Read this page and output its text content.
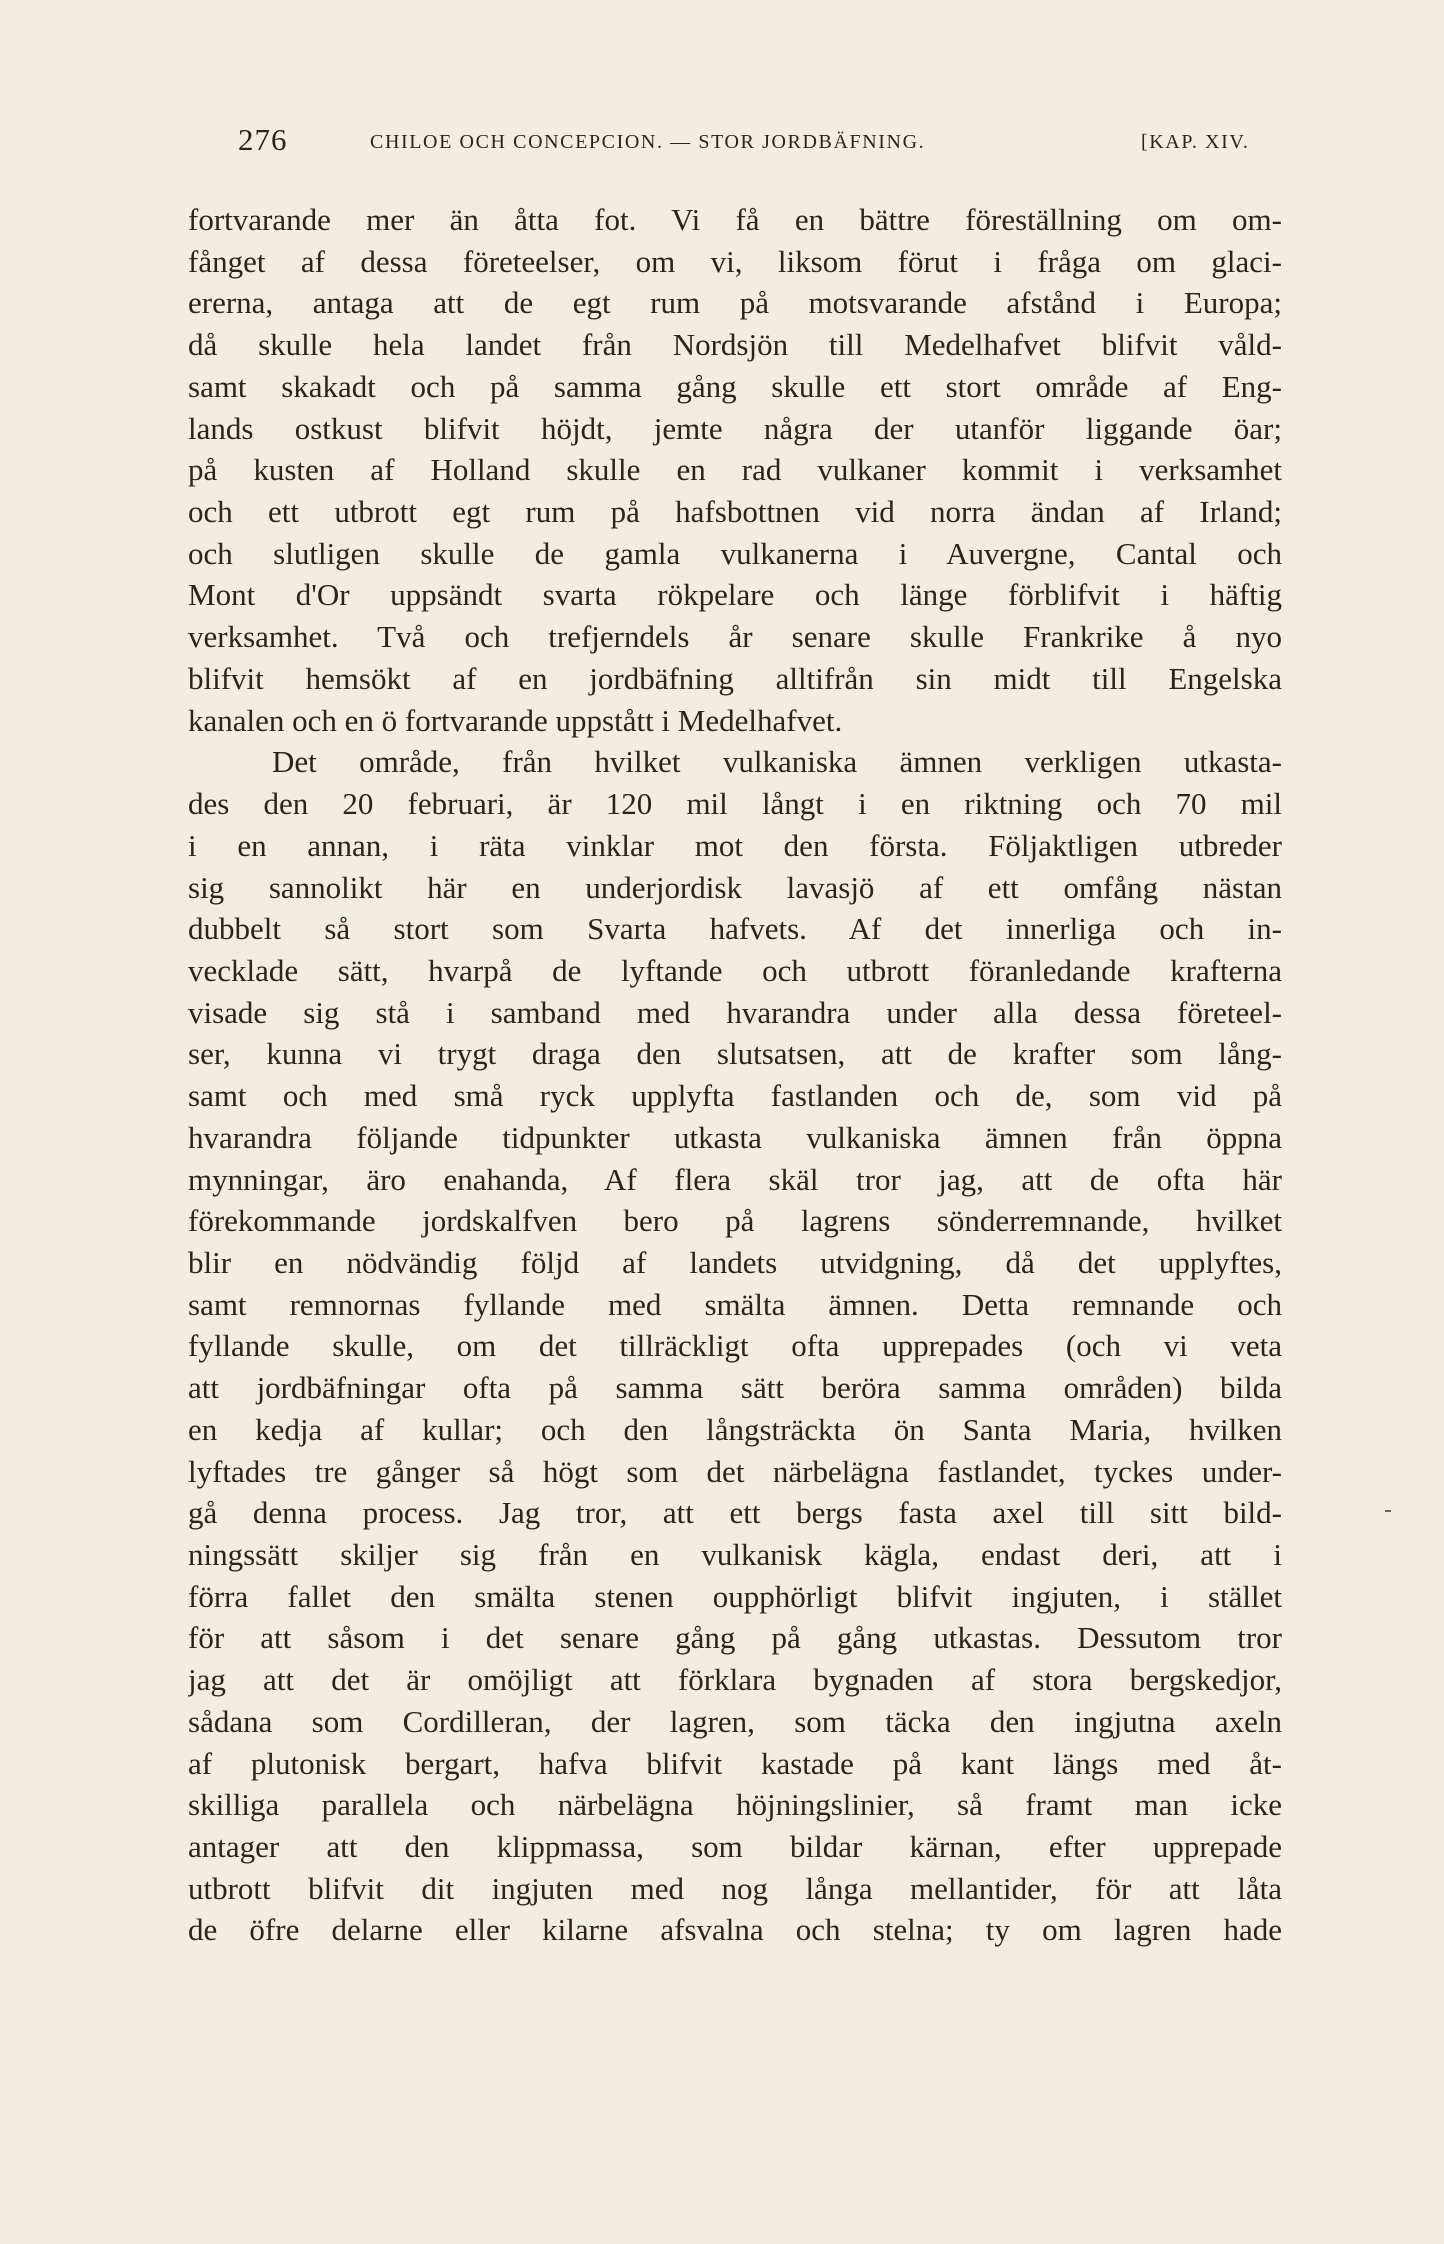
276	CHILOE OCH CONCEPCION. — STOR JORDBÄFNING.	[KAP. XIV.
fortvarande mer än åtta fot. Vi få en bättre föreställning om om-
fånget af dessa företeelser, om vi, liksom förut i fråga om glaci-
ererna, antaga att de egt rum på motsvarande afstånd i Europa;
då skulle hela landet från Nordsjön till Medelhafvet blifvit våld-
samt skakadt och på samma gång skulle ett stort område af Eng-
lands ostkust blifvit höjdt, jemte några der utanför liggande öar;
på kusten af Holland skulle en rad vulkaner kommit i verksamhet
och ett utbrott egt rum på hafsbottnen vid norra ändan af Irland;
och slutligen skulle de gamla vulkanerna i Auvergne, Cantal och
Mont d'Or uppsändt svarta rökpelare och länge förblifvit i häftig
verksamhet. Två och trefjerndels år senare skulle Frankrike å nyo
blifvit hemsökt af en jordbäfning alltifrån sin midt till Engelska
kanalen och en ö fortvarande uppstått i Medelhafvet.
Det område, från hvilket vulkaniska ämnen verkligen utkasta-
des den 20 februari, är 120 mil långt i en riktning och 70 mil
i en annan, i räta vinklar mot den första. Följaktligen utbreder
sig sannolikt här en underjordisk lavasjö af ett omfång nästan
dubbelt så stort som Svarta hafvets. Af det innerliga och in-
vecklade sätt, hvarpå de lyftande och utbrott föranledande krafterna
visade sig stå i samband med hvarandra under alla dessa företeel-
ser, kunna vi trygt draga den slutsatsen, att de krafter som lång-
samt och med små ryck upplyfta fastlanden och de, som vid på
hvarandra följande tidpunkter utkasta vulkaniska ämnen från öppna
mynningar, äro enahanda, Af flera skäl tror jag, att de ofta här
förekommande jordskalfven bero på lagrens sönderremnande, hvilket
blir en nödvändig följd af landets utvidgning, då det upplyftes,
samt remnornas fyllande med smälta ämnen. Detta remnande och
fyllande skulle, om det tillräckligt ofta upprepades (och vi veta
att jordbäfningar ofta på samma sätt beröra samma områden) bilda
en kedja af kullar; och den långsträckta ön Santa Maria, hvilken
lyftades tre gånger så högt som det närbelägna fastlandet, tyckes under-
gå denna process. Jag tror, att ett bergs fasta axel till sitt bild-
ningssätt skiljer sig från en vulkanisk kägla, endast deri, att i
förra fallet den smälta stenen oupphörligt blifvit ingjuten, i stället
för att såsom i det senare gång på gång utkastas. Dessutom tror
jag att det är omöjligt att förklara bygnaden af stora bergskedjor,
sådana som Cordilleran, der lagren, som täcka den ingjutna axeln
af plutonisk bergart, hafva blifvit kastade på kant längs med åt-
skilliga parallela och närbelägna höjningslinier, så framt man icke
antager att den klippmassa, som bildar kärnan, efter upprepade
utbrott blifvit dit ingjuten med nog långa mellantider, för att låta
de öfre delarne eller kilarne afsvalna och stelna; ty om lagren hade
